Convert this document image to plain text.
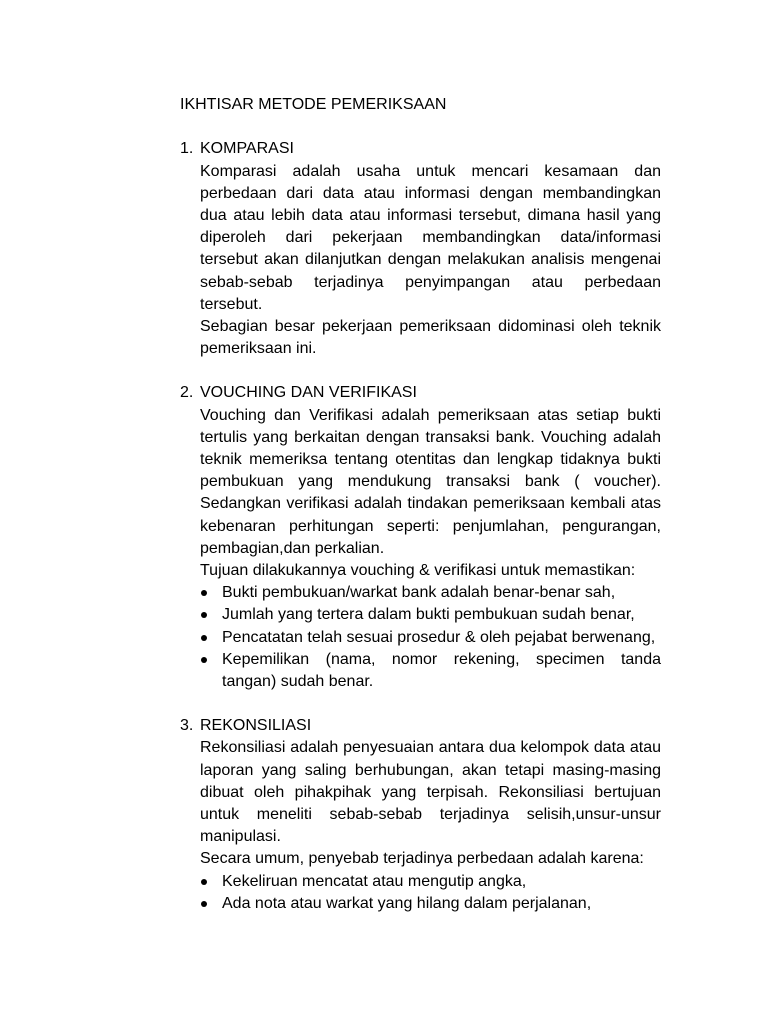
IKHTISAR METODE PEMERIKSAAN
1. KOMPARASI
Komparasi adalah usaha untuk mencari kesamaan dan
perbedaan dari data atau informasi dengan membandingkan
dua atau lebih data atau informasi tersebut, dimana hasil yang
diperoleh dari pekerjaan membandingkan data/informasi
tersebut akan dilanjutkan dengan melakukan analisis mengenai
sebab-sebab terjadinya penyimpangan atau perbedaan
tersebut.
Sebagian besar pekerjaan pemeriksaan didominasi oleh teknik
pemeriksaan ini.
2. VOUCHING DAN VERIFIKASI
Vouching dan Verifikasi adalah pemeriksaan atas setiap bukti
tertulis yang berkaitan dengan transaksi bank. Vouching adalah
teknik memeriksa tentang otentitas dan lengkap tidaknya bukti
pembukuan yang mendukung transaksi bank ( voucher).
Sedangkan verifikasi adalah tindakan pemeriksaan kembali atas
kebenaran perhitungan seperti: penjumlahan, pengurangan,
pembagian,dan perkalian.
Tujuan dilakukannya vouching & verifikasi untuk memastikan:
Bukti pembukuan/warkat bank adalah benar-benar sah,
Jumlah yang tertera dalam bukti pembukuan sudah benar,
Pencatatan telah sesuai prosedur & oleh pejabat berwenang,
Kepemilikan (nama, nomor rekening, specimen tanda
tangan) sudah benar.
3. REKONSILIASI
Rekonsiliasi adalah penyesuaian antara dua kelompok data atau
laporan yang saling berhubungan, akan tetapi masing-masing
dibuat oleh pihakpihak yang terpisah. Rekonsiliasi bertujuan
untuk meneliti sebab-sebab terjadinya selisih,unsur-unsur
manipulasi.
Secara umum, penyebab terjadinya perbedaan adalah karena:
Kekeliruan mencatat atau mengutip angka,
Ada nota atau warkat yang hilang dalam perjalanan,
